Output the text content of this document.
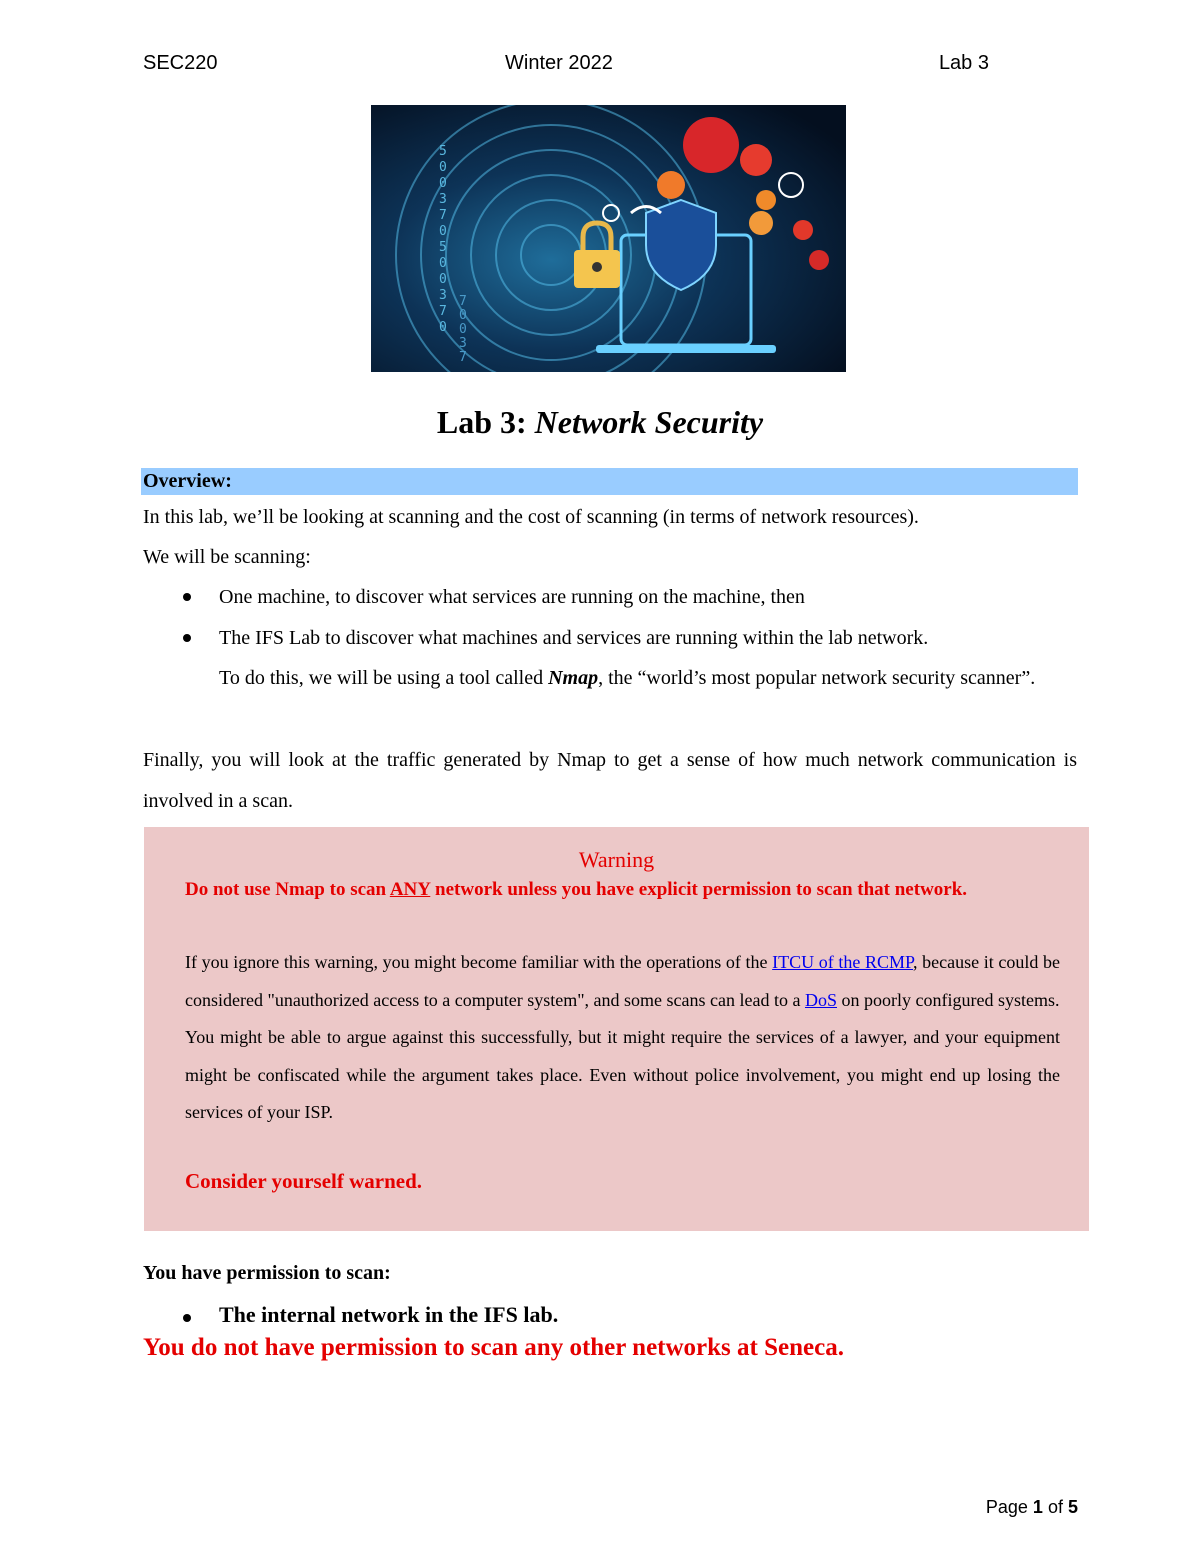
SEC220	Winter 2022	Lab 3
5
0
0
3
7
0
5
0
0
3
7
0
7
0
0
3
7
Lab 3: Network Security
Overview:
In this lab, we’ll be looking at scanning and the cost of scanning (in terms of network resources).
We will be scanning:
One machine, to discover what services are running on the machine, then
The IFS Lab to discover what machines and services are running within the lab network.
To do this, we will be using a tool called Nmap, the “world’s most popular network security scanner”.
Finally, you will look at the traffic generated by Nmap to get a sense of how much network communication is involved in a scan.
Warning
Do not use Nmap to scan ANY network unless you have explicit permission to scan that network.

If you ignore this warning, you might become familiar with the operations of the ITCU of the RCMP, because it could be considered "unauthorized access to a computer system", and some scans can lead to a DoS on poorly configured systems.

You might be able to argue against this successfully, but it might require the services of a lawyer, and your equipment might be confiscated while the argument takes place. Even without police involvement, you might end up losing the services of your ISP.

Consider yourself warned.
You have permission to scan:
The internal network in the IFS lab.
You do not have permission to scan any other networks at Seneca.
Page 1 of 5
